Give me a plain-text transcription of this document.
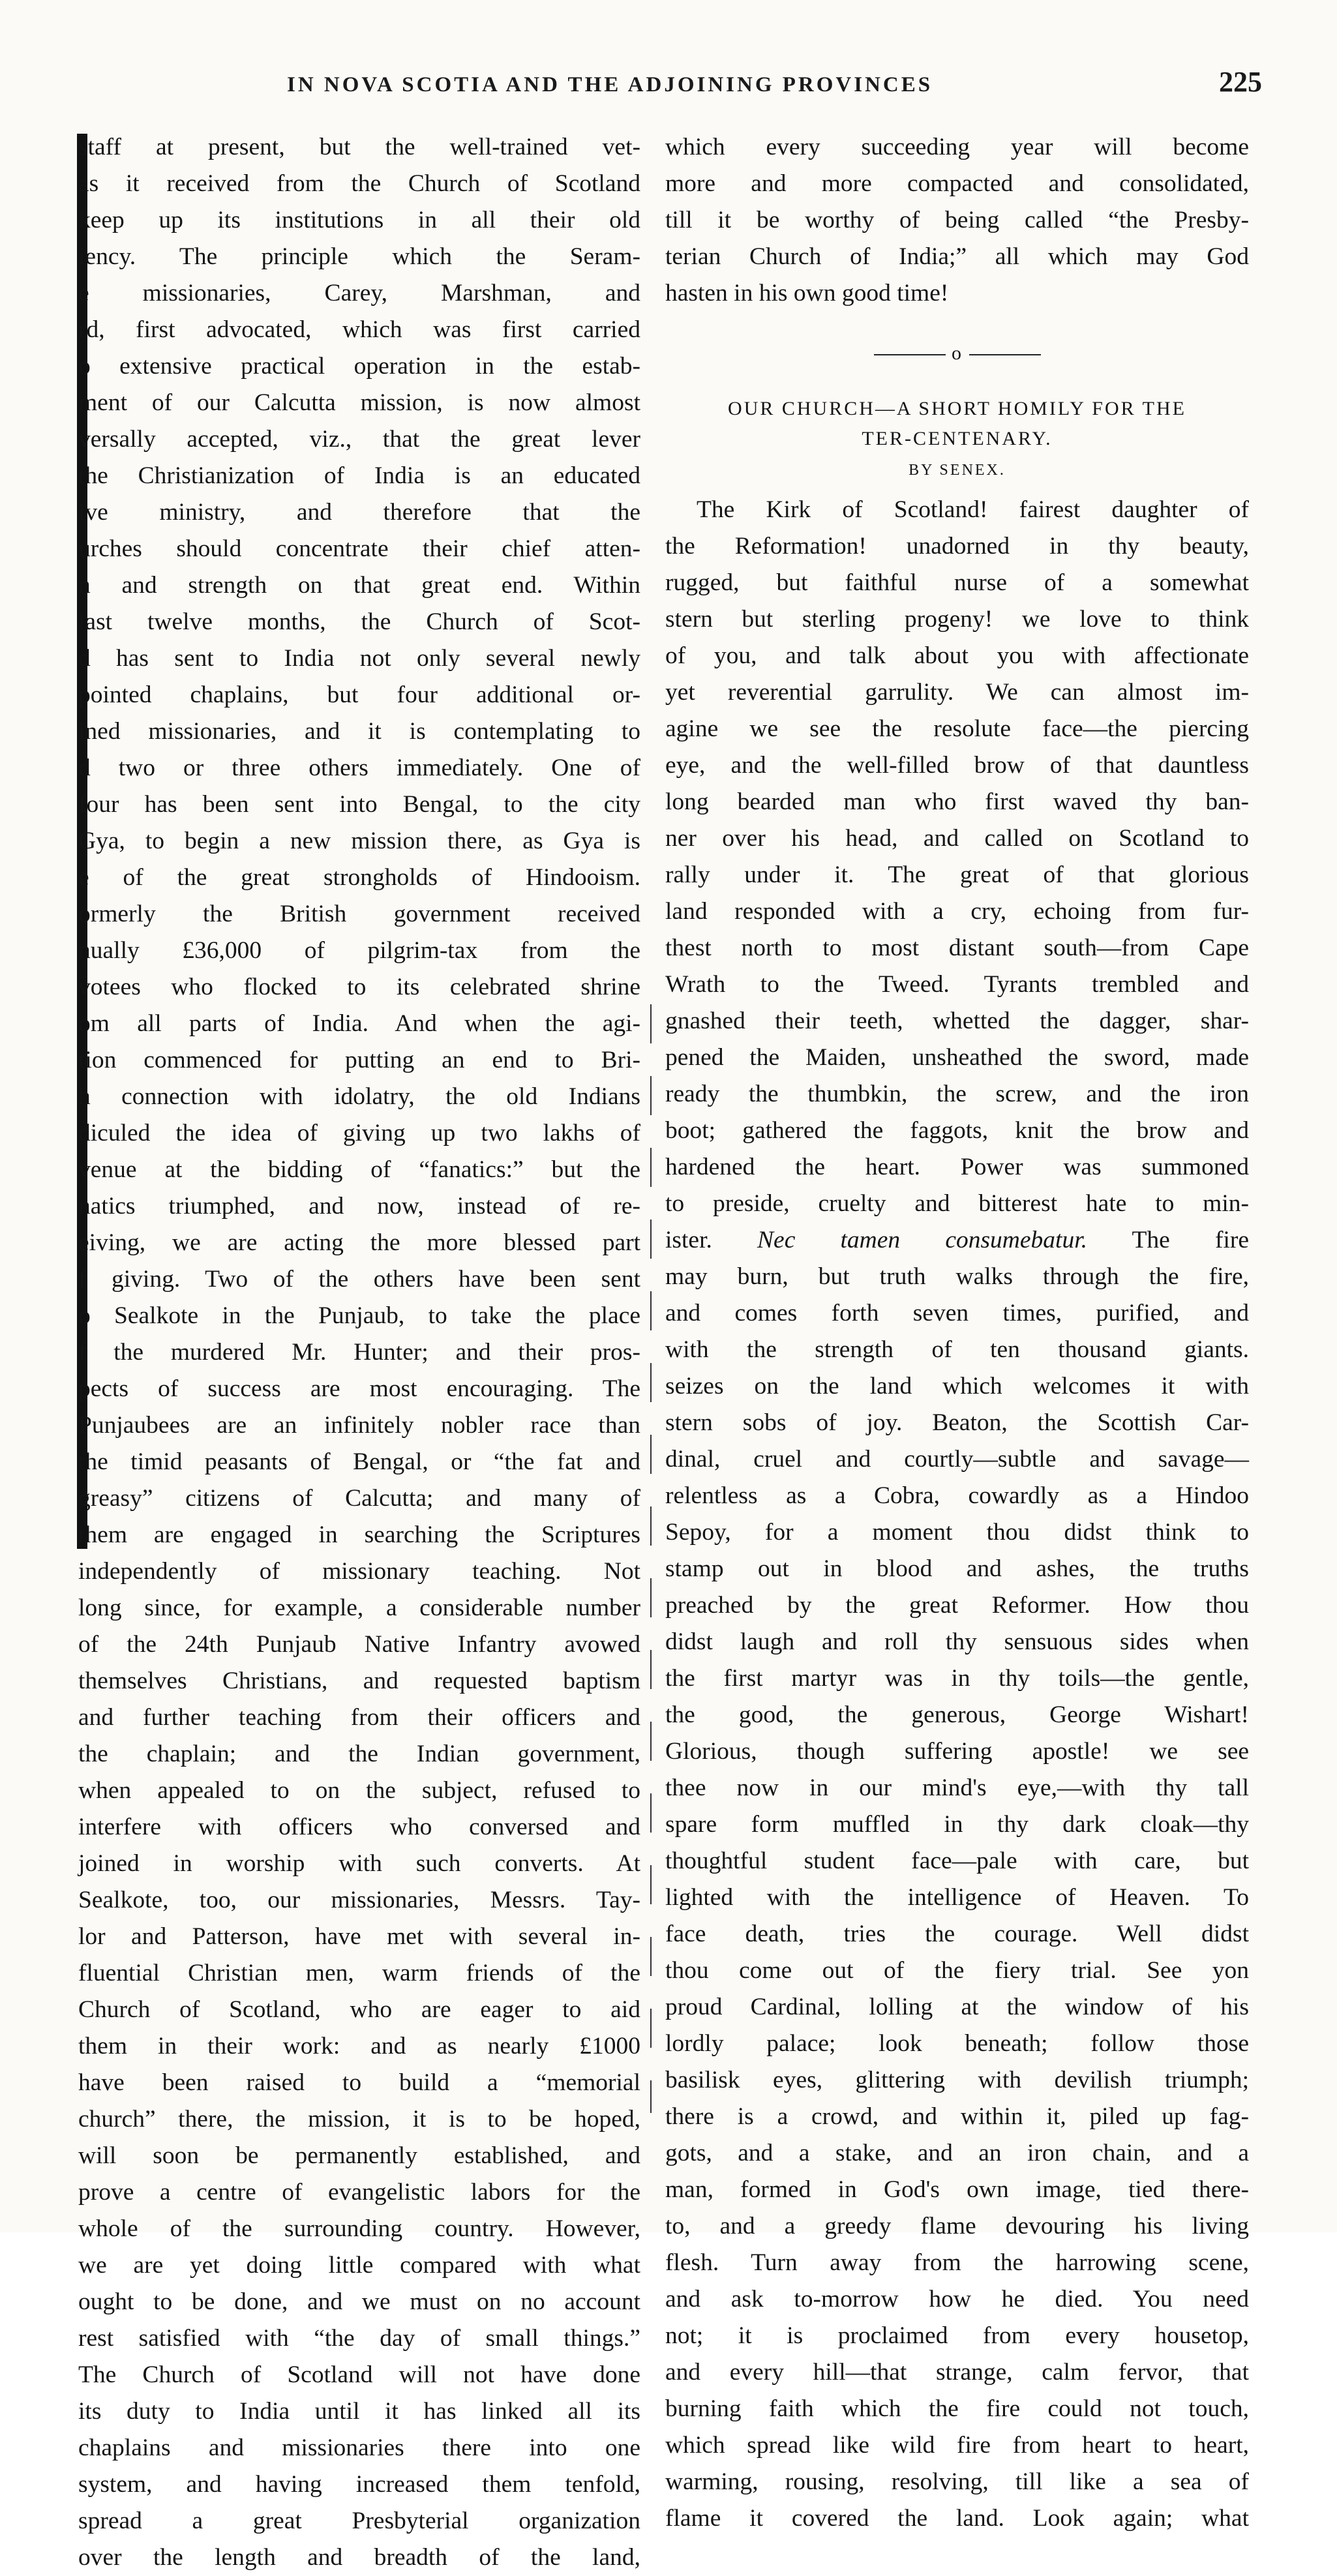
IN NOVA SCOTIA AND THE ADJOINING PROVINCES	225
staff at present, but the well-trained vet-
as it received from the Church of Scotland
keep up its institutions in all their old
iency. The principle which the Seram-
e missionaries, Carey, Marshman, and
rd, first advocated, which was first carried
o extensive practical operation in the estab-
ment of our Calcutta mission, is now almost
versally accepted, viz., that the great lever
the Christianization of India is an educated
ive ministry, and therefore that the
urches should concentrate their chief atten-
n and strength on that great end. Within
last twelve months, the Church of Scot-
d has sent to India not only several newly
pointed chaplains, but four additional or-
ined missionaries, and it is contemplating to
d two or three others immediately. One of
four has been sent into Bengal, to the city
Gya, to begin a new mission there, as Gya is
e of the great strongholds of Hindooism.
ormerly the British government received
nually £36,000 of pilgrim-tax from the
votees who flocked to its celebrated shrine
om all parts of India. And when the agi-
tion commenced for putting an end to Bri-
h connection with idolatry, the old Indians
diculed the idea of giving up two lakhs of
venue at the bidding of “fanatics:” but the
natics triumphed, and now, instead of re-
eiving, we are acting the more blessed part
f giving. Two of the others have been sent
o Sealkote in the Punjaub, to take the place
f the murdered Mr. Hunter; and their pros-
pects of success are most encouraging. The
Punjaubees are an infinitely nobler race than
the timid peasants of Bengal, or “the fat and
greasy” citizens of Calcutta; and many of
them are engaged in searching the Scriptures
independently of missionary teaching. Not
long since, for example, a considerable number
of the 24th Punjaub Native Infantry avowed
themselves Christians, and requested baptism
and further teaching from their officers and
the chaplain; and the Indian government,
when appealed to on the subject, refused to
interfere with officers who conversed and
joined in worship with such converts. At
Sealkote, too, our missionaries, Messrs. Tay-
lor and Patterson, have met with several in-
fluential Christian men, warm friends of the
Church of Scotland, who are eager to aid
them in their work: and as nearly £1000
have been raised to build a “memorial
church” there, the mission, it is to be hoped,
will soon be permanently established, and
prove a centre of evangelistic labors for the
whole of the surrounding country. However,
we are yet doing little compared with what
ought to be done, and we must on no account
rest satisfied with “the day of small things.”
The Church of Scotland will not have done
its duty to India until it has linked all its
chaplains and missionaries there into one
system, and having increased them tenfold,
spread a great Presbyterial organization
over the length and breadth of the land,
which every succeeding year will become
more and more compacted and consolidated,
till it be worthy of being called “the Presby-
terian Church of India;” all which may God
hasten in his own good time!
o
OUR CHURCH—A SHORT HOMILY FOR THE
TER-CENTENARY.
BY SENEX.
The Kirk of Scotland! fairest daughter of
the Reformation! unadorned in thy beauty,
rugged, but faithful nurse of a somewhat
stern but sterling progeny! we love to think
of you, and talk about you with affectionate
yet reverential garrulity. We can almost im-
agine we see the resolute face—the piercing
eye, and the well-filled brow of that dauntless
long bearded man who first waved thy ban-
ner over his head, and called on Scotland to
rally under it. The great of that glorious
land responded with a cry, echoing from fur-
thest north to most distant south—from Cape
Wrath to the Tweed. Tyrants trembled and
gnashed their teeth, whetted the dagger, shar-
pened the Maiden, unsheathed the sword, made
ready the thumbkin, the screw, and the iron
boot; gathered the faggots, knit the brow and
hardened the heart. Power was summoned
to preside, cruelty and bitterest hate to min-
ister. Nec tamen consumebatur. The fire
may burn, but truth walks through the fire,
and comes forth seven times, purified, and
with the strength of ten thousand giants.
seizes on the land which welcomes it with
stern sobs of joy. Beaton, the Scottish Car-
dinal, cruel and courtly—subtle and savage—
relentless as a Cobra, cowardly as a Hindoo
Sepoy, for a moment thou didst think to
stamp out in blood and ashes, the truths
preached by the great Reformer. How thou
didst laugh and roll thy sensuous sides when
the first martyr was in thy toils—the gentle,
the good, the generous, George Wishart!
Glorious, though suffering apostle! we see
thee now in our mind's eye,—with thy tall
spare form muffled in thy dark cloak—thy
thoughtful student face—pale with care, but
lighted with the intelligence of Heaven. To
face death, tries the courage. Well didst
thou come out of the fiery trial. See yon
proud Cardinal, lolling at the window of his
lordly palace; look beneath; follow those
basilisk eyes, glittering with devilish triumph;
there is a crowd, and within it, piled up fag-
gots, and a stake, and an iron chain, and a
man, formed in God's own image, tied there-
to, and a greedy flame devouring his living
flesh. Turn away from the harrowing scene,
and ask to-morrow how he died. You need
not; it is proclaimed from every housetop,
and every hill—that strange, calm fervor, that
burning faith which the fire could not touch,
which spread like wild fire from heart to heart,
warming, rousing, resolving, till like a sea of
flame it covered the land. Look again; what
